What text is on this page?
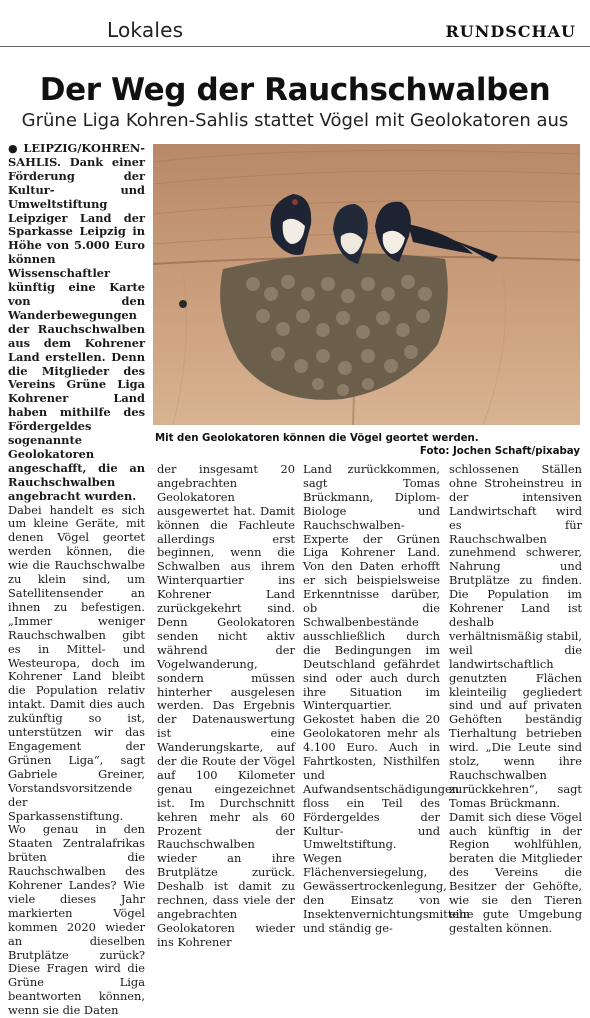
Lokales	RUNDSCHAU
Der Weg der Rauchschwalben
Grüne Liga Kohren-Sahlis stattet Vögel mit Geolokatoren aus

●LEIPZIG/KOHREN-SAHLIS. Dank einer Förderung der Kultur- und Umweltstiftung Leipziger Land der Sparkasse Leipzig in Höhe von 5.000 Euro können Wissenschaftler künftig eine Karte von den Wanderbewegungen der Rauchschwalben aus dem Kohrener Land erstellen. Denn die Mitglieder des Vereins Grüne Liga Kohrener Land haben mithilfe des Fördergeldes sogenannte Geolokatoren angeschafft, die an Rauchschwalben angebracht wurden.

Dabei handelt es sich um kleine Geräte, mit denen Vögel geortet werden können, die wie die Rauchschwalbe zu klein sind, um Satellitensender an ihnen zu befestigen. „Immer weniger Rauchschwalben gibt es in Mittel- und Westeuropa, doch im Kohrener Land bleibt die Population relativ intakt. Damit dies auch zukünftig so ist, unterstützen wir das Engagement der Grünen Liga“, sagt Gabriele Greiner, Vorstandsvorsitzende der Sparkassenstiftung.

Wo genau in den Staaten Zentralafrikas brüten die Rauchschwalben des Kohrener Landes? Wie viele dieses Jahr markierten Vögel kommen 2020 wieder an dieselben Brutplätze zurück? Diese Fragen wird die Grüne Liga beantworten können, wenn sie die Daten

Mit den Geolokatoren können die Vögel geortet werden.
Foto: Jochen Schaft/pixabay

der insgesamt 20 angebrachten Geolokatoren ausgewertet hat. Damit können die Fachleute allerdings erst beginnen, wenn die Schwalben aus ihrem Winterquartier ins Kohrener Land zurückgekehrt sind. Denn Geolokatoren senden nicht aktiv während der Vogelwanderung, sondern müssen hinterher ausgelesen werden. Das Ergebnis der Datenauswertung ist eine Wanderungskarte, auf der die Route der Vögel auf 100 Kilometer genau eingezeichnet ist. Im Durchschnitt kehren mehr als 60 Prozent der Rauchschwalben wieder an ihre Brutplätze zurück. Deshalb ist damit zu rechnen, dass viele der angebrachten Geolokatoren wieder ins Kohrener

Land zurückkommen, sagt Tomas Brückmann, Diplom-Biologe und Rauchschwalben-Experte der Grünen Liga Kohrener Land. Von den Daten erhofft er sich beispielsweise Erkenntnisse darüber, ob die Schwalbenbestände ausschließlich durch die Bedingungen im Deutschland gefährdet sind oder auch durch ihre Situation im Winterquartier. Gekostet haben die 20 Geolokatoren mehr als 4.100 Euro. Auch in Fahrtkosten, Nisthilfen und Aufwandsentschädigungen floss ein Teil des Fördergeldes der Kultur- und Umweltstiftung.

Wegen Flächenversiegelung, Gewässertrockenlegung, den Einsatz von Insektenvernichtungsmitteln und ständig ge-

schlossenen Ställen ohne Stroheinstreu in der intensiven Landwirtschaft wird es für Rauchschwalben zunehmend schwerer, Nahrung und Brutplätze zu finden. Die Population im Kohrener Land ist deshalb verhältnismäßig stabil, weil die landwirtschaftlich genutzten Flächen kleinteilig gegliedert sind und auf privaten Gehöften beständig Tierhaltung betrieben wird. „Die Leute sind stolz, wenn ihre Rauchschwalben zurückkehren“, sagt Tomas Brückmann.

Damit sich diese Vögel auch künftig in der Region wohlfühlen, beraten die Mitglieder des Vereins die Besitzer der Gehöfte, wie sie den Tieren eine gute Umgebung gestalten können.
